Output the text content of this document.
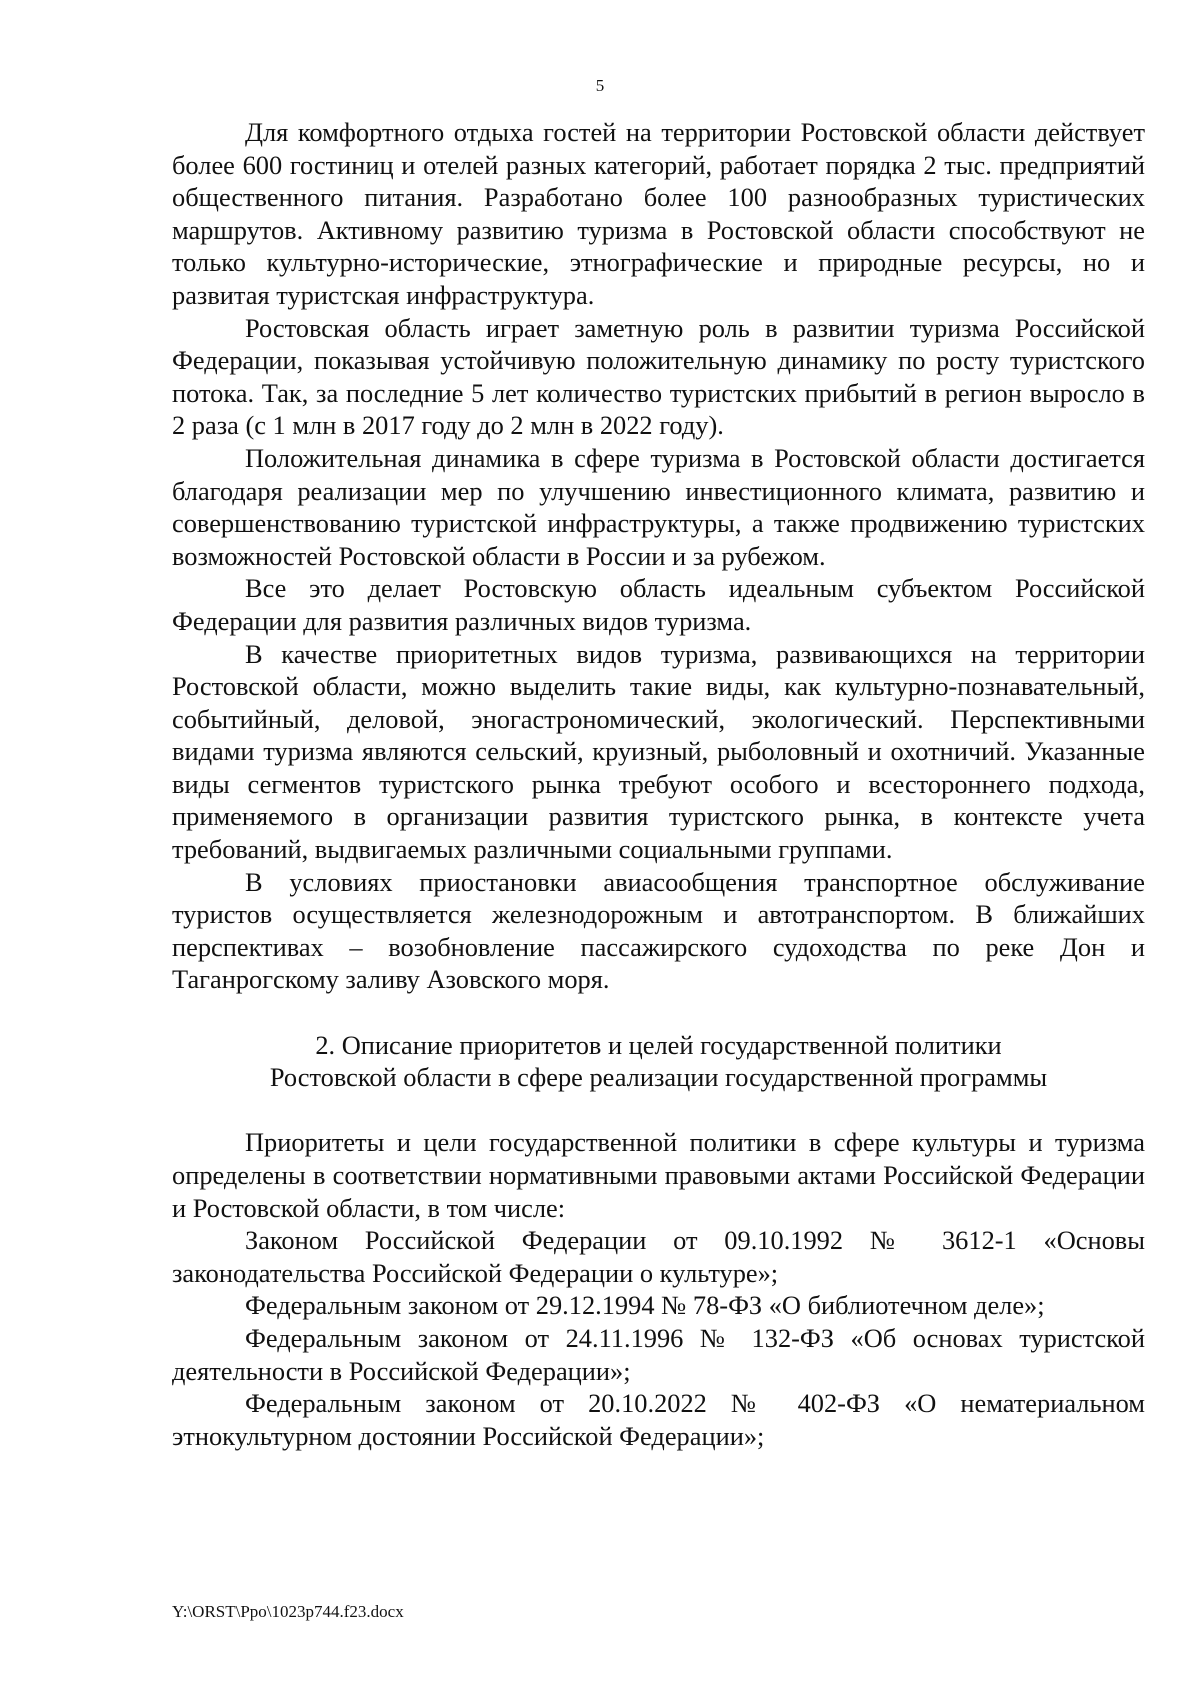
5

Для комфортного отдыха гостей на территории Ростовской области действует более 600 гостиниц и отелей разных категорий, работает порядка 2 тыс. предприятий общественного питания. Разработано более 100 разнообразных туристических маршрутов. Активному развитию туризма в Ростовской области способствуют не только культурно-исторические, этнографические и природные ресурсы, но и развитая туристская инфраструктура.

Ростовская область играет заметную роль в развитии туризма Российской Федерации, показывая устойчивую положительную динамику по росту туристского потока. Так, за последние 5 лет количество туристских прибытий в регион выросло в 2 раза (с 1 млн в 2017 году до 2 млн в 2022 году).

Положительная динамика в сфере туризма в Ростовской области достигается благодаря реализации мер по улучшению инвестиционного климата, развитию и совершенствованию туристской инфраструктуры, а также продвижению туристских возможностей Ростовской области в России и за рубежом.

Все это делает Ростовскую область идеальным субъектом Российской Федерации для развития различных видов туризма.

В качестве приоритетных видов туризма, развивающихся на территории Ростовской области, можно выделить такие виды, как культурно-познавательный, событийный, деловой, эногастрономический, экологический. Перспективными видами туризма являются сельский, круизный, рыболовный и охотничий. Указанные виды сегментов туристского рынка требуют особого и всестороннего подхода, применяемого в организации развития туристского рынка, в контексте учета требований, выдвигаемых различными социальными группами.

В условиях приостановки авиасообщения транспортное обслуживание туристов осуществляется железнодорожным и автотранспортом. В ближайших перспективах – возобновление пассажирского судоходства по реке Дон и Таганрогскому заливу Азовского моря.

2. Описание приоритетов и целей государственной политики

Ростовской области в сфере реализации государственной программы

Приоритеты и цели государственной политики в сфере культуры и туризма определены в соответствии нормативными правовыми актами Российской Федерации и Ростовской области, в том числе:

Законом Российской Федерации от 09.10.1992 № 3612-1 «Основы законодательства Российской Федерации о культуре»;

Федеральным законом от 29.12.1994 № 78-ФЗ «О библиотечном деле»;

Федеральным законом от 24.11.1996 № 132-ФЗ «Об основах туристской деятельности в Российской Федерации»;

Федеральным законом от 20.10.2022 № 402-ФЗ «О нематериальном этнокультурном достоянии Российской Федерации»;

Y:\ORST\Ppo\1023p744.f23.docx
